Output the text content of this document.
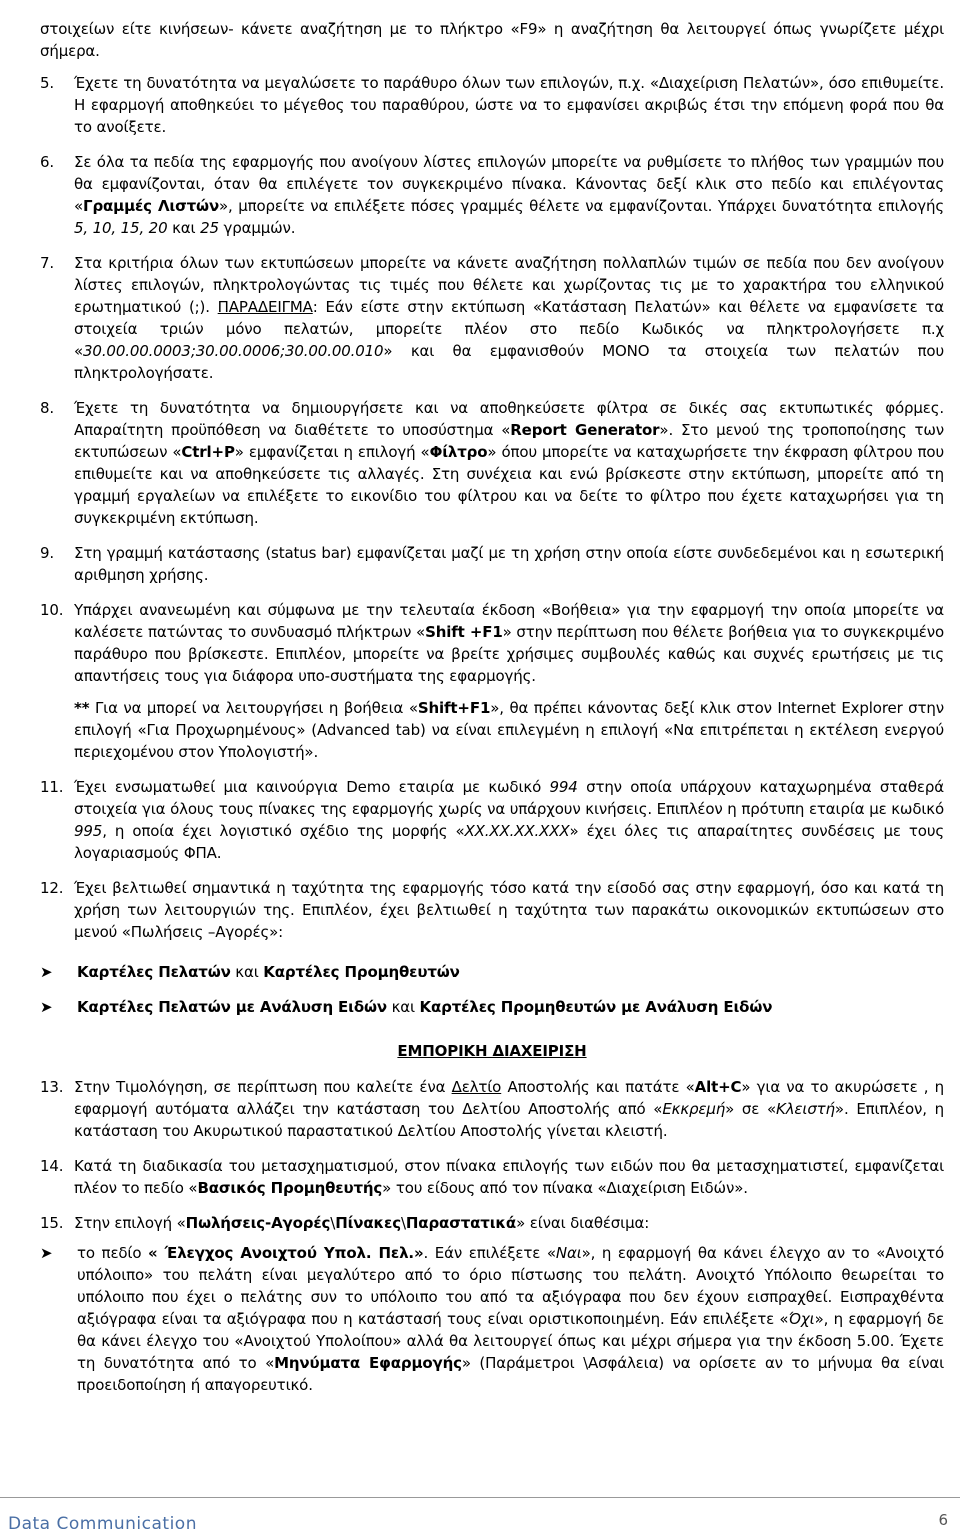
στοιχείων είτε κινήσεων- κάνετε αναζήτηση με το πλήκτρο «F9» η αναζήτηση θα λειτουργεί όπως γνωρίζετε μέχρι σήμερα.

5. Έχετε τη δυνατότητα να μεγαλώσετε το παράθυρο όλων των επιλογών, π.χ. «Διαχείριση Πελατών», όσο επιθυμείτε. Η εφαρμογή αποθηκεύει το μέγεθος του παραθύρου, ώστε να το εμφανίσει ακριβώς έτσι την επόμενη φορά που θα το ανοίξετε.

6. Σε όλα τα πεδία της εφαρμογής που ανοίγουν λίστες επιλογών μπορείτε να ρυθμίσετε το πλήθος των γραμμών που θα εμφανίζονται, όταν θα επιλέγετε τον συγκεκριμένο πίνακα. Κάνοντας δεξί κλικ στο πεδίο και επιλέγοντας «Γραμμές Λιστών», μπορείτε να επιλέξετε πόσες γραμμές θέλετε να εμφανίζονται. Υπάρχει δυνατότητα επιλογής 5, 10, 15, 20 και 25 γραμμών.

7. Στα κριτήρια όλων των εκτυπώσεων μπορείτε να κάνετε αναζήτηση πολλαπλών τιμών σε πεδία που δεν ανοίγουν λίστες επιλογών, πληκτρολογώντας τις τιμές που θέλετε και χωρίζοντας τις με το χαρακτήρα του ελληνικού ερωτηματικού (;). ΠΑΡΑΔΕΙΓΜΑ: Εάν είστε στην εκτύπωση «Κατάσταση Πελατών» και θέλετε να εμφανίσετε τα στοιχεία τριών μόνο πελατών, μπορείτε πλέον στο πεδίο Κωδικός να πληκτρολογήσετε π.χ «30.00.00.0003;30.00.0006;30.00.00.010» και θα εμφανισθούν ΜΟΝΟ τα στοιχεία των πελατών που πληκτρολογήσατε.

8. Έχετε τη δυνατότητα να δημιουργήσετε και να αποθηκεύσετε φίλτρα σε δικές σας εκτυπωτικές φόρμες. Απαραίτητη προϋπόθεση να διαθέτετε το υποσύστημα «Report Generator». Στο μενού της τροποποίησης των εκτυπώσεων «Ctrl+P» εμφανίζεται η επιλογή «Φίλτρο» όπου μπορείτε να καταχωρήσετε την έκφραση φίλτρου που επιθυμείτε και να αποθηκεύσετε τις αλλαγές. Στη συνέχεια και ενώ βρίσκεστε στην εκτύπωση, μπορείτε από τη γραμμή εργαλείων να επιλέξετε το εικονίδιο του φίλτρου και να δείτε το φίλτρο που έχετε καταχωρήσει για τη συγκεκριμένη εκτύπωση.

9. Στη γραμμή κατάστασης (status bar) εμφανίζεται μαζί με τη χρήση στην οποία είστε συνδεδεμένοι και η εσωτερική αριθμηση χρήσης.

10. Υπάρχει ανανεωμένη και σύμφωνα με την τελευταία έκδοση «Βοήθεια» για την εφαρμογή την οποία μπορείτε να καλέσετε πατώντας το συνδυασμό πλήκτρων «Shift +F1» στην περίπτωση που θέλετε βοήθεια για το συγκεκριμένο παράθυρο που βρίσκεστε. Επιπλέον, μπορείτε να βρείτε χρήσιμες συμβουλές καθώς και συχνές ερωτήσεις με τις απαντήσεις τους για διάφορα υπο-συστήματα της εφαρμογής.

** Για να μπορεί να λειτουργήσει η βοήθεια «Shift+F1», θα πρέπει κάνοντας δεξί κλικ στον Internet Explorer στην επιλογή «Για Προχωρημένους» (Advanced tab) να είναι επιλεγμένη η επιλογή «Να επιτρέπεται η εκτέλεση ενεργού περιεχομένου στον Υπολογιστή».

11. Έχει ενσωματωθεί μια καινούργια Demo εταιρία με κωδικό 994 στην οποία υπάρχουν καταχωρημένα σταθερά στοιχεία για όλους τους πίνακες της εφαρμογής χωρίς να υπάρχουν κινήσεις. Επιπλέον η πρότυπη εταιρία με κωδικό 995, η οποία έχει λογιστικό σχέδιο της μορφής «XX.XX.XX.XXX» έχει όλες τις απαραίτητες συνδέσεις με τους λογαριασμούς ΦΠΑ.

12. Έχει βελτιωθεί σημαντικά η ταχύτητα της εφαρμογής τόσο κατά την είσοδό σας στην εφαρμογή, όσο και κατά τη χρήση των λειτουργιών της. Επιπλέον, έχει βελτιωθεί η ταχύτητα των παρακάτω οικονομικών εκτυπώσεων στο μενού «Πωλήσεις –Αγορές»:

➤ Καρτέλες Πελατών και Καρτέλες Προμηθευτών
➤ Καρτέλες Πελατών με Ανάλυση Ειδών και Καρτέλες Προμηθευτών με Ανάλυση Ειδών
ΕΜΠΟΡΙΚΗ ΔΙΑΧΕΙΡΙΣΗ
13. Στην Τιμολόγηση, σε περίπτωση που καλείτε ένα Δελτίο Αποστολής και πατάτε «Alt+C» για να το ακυρώσετε , η εφαρμογή αυτόματα αλλάζει την κατάσταση του Δελτίου Αποστολής από «Εκκρεμή» σε «Κλειστή». Επιπλέον, η κατάσταση του Ακυρωτικού παραστατικού Δελτίου Αποστολής γίνεται κλειστή.

14. Κατά τη διαδικασία του μετασχηματισμού, στον πίνακα επιλογής των ειδών που θα μετασχηματιστεί, εμφανίζεται πλέον το πεδίο «Βασικός Προμηθευτής» του είδους από τον πίνακα «Διαχείριση Ειδών».

15. Στην επιλογή «Πωλήσεις-Αγορές\Πίνακες\Παραστατικά» είναι διαθέσιμα:

➤ το πεδίο « Έλεγχος Ανοιχτού Υπολ. Πελ.». Εάν επιλέξετε «Ναι», η εφαρμογή θα κάνει έλεγχο αν το «Ανοιχτό υπόλοιπο» του πελάτη είναι μεγαλύτερο από το όριο πίστωσης του πελάτη. Ανοιχτό Υπόλοιπο θεωρείται το υπόλοιπο που έχει ο πελάτης συν το υπόλοιπο του από τα αξιόγραφα που δεν έχουν εισπραχθεί. Εισπραχθέντα αξιόγραφα είναι τα αξιόγραφα που η κατάστασή τους είναι οριστικοποιημένη. Εάν επιλέξετε «Όχι», η εφαρμογή δε θα κάνει έλεγχο του «Ανοιχτού Υπολοίπου» αλλά θα λειτουργεί όπως και μέχρι σήμερα για την έκδοση 5.00. Έχετε τη δυνατότητα από το «Μηνύματα Εφαρμογής» (Παράμετροι \Ασφάλεια) να ορίσετε αν το μήνυμα θα είναι προειδοποίηση ή απαγορευτικό.
Data Communication	6
